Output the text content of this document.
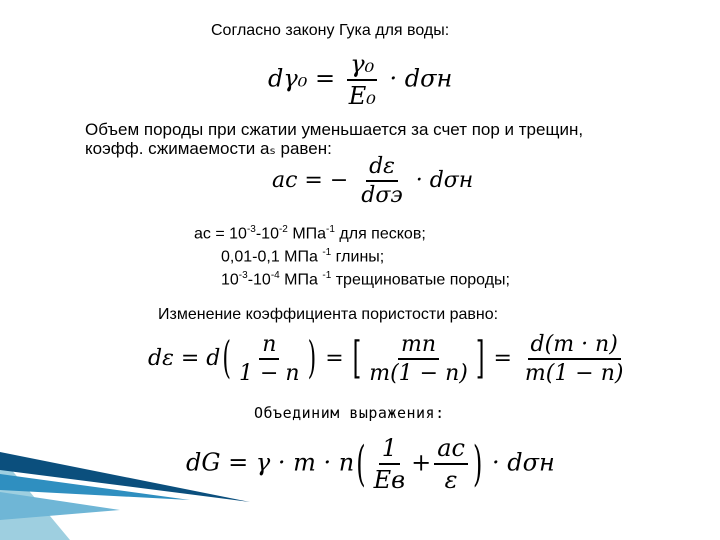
Согласно закону Гука для воды:
$d\gamma_0 = \frac{\text{γ₀}}{\text{E₀}} \cdot d\sigma н$
Объем породы при сжатии уменьшается за счет пор и трещин,
коэфф. сжимаемости aₛ равен:
ac = − $\frac{d\varepsilon}{\text{dσэ}} \cdot d\sigma н$
ac = $10^{-3}-10^{-2}$ МПа$^{-1}$ для песков;
0,01-0,1 МПа $^{-1}$ глины;
$10^{-3}-10^{-4}$ МПа $^{-1}$ трещиноватые породы;
Изменение коэффициента пористости равно:
$d\varepsilon = d( \frac{n}{1 - n}$ ) = [ $\frac{mn}{m(1 - n)}$ ] = $\frac{d(m \cdot n)}{m(1 - n)}$
Объединим выражения:
dG = $\gamma \cdot m \cdot n( \frac{1}{Eв} + \frac{ac}{\varepsilon}$ ) · dσн
